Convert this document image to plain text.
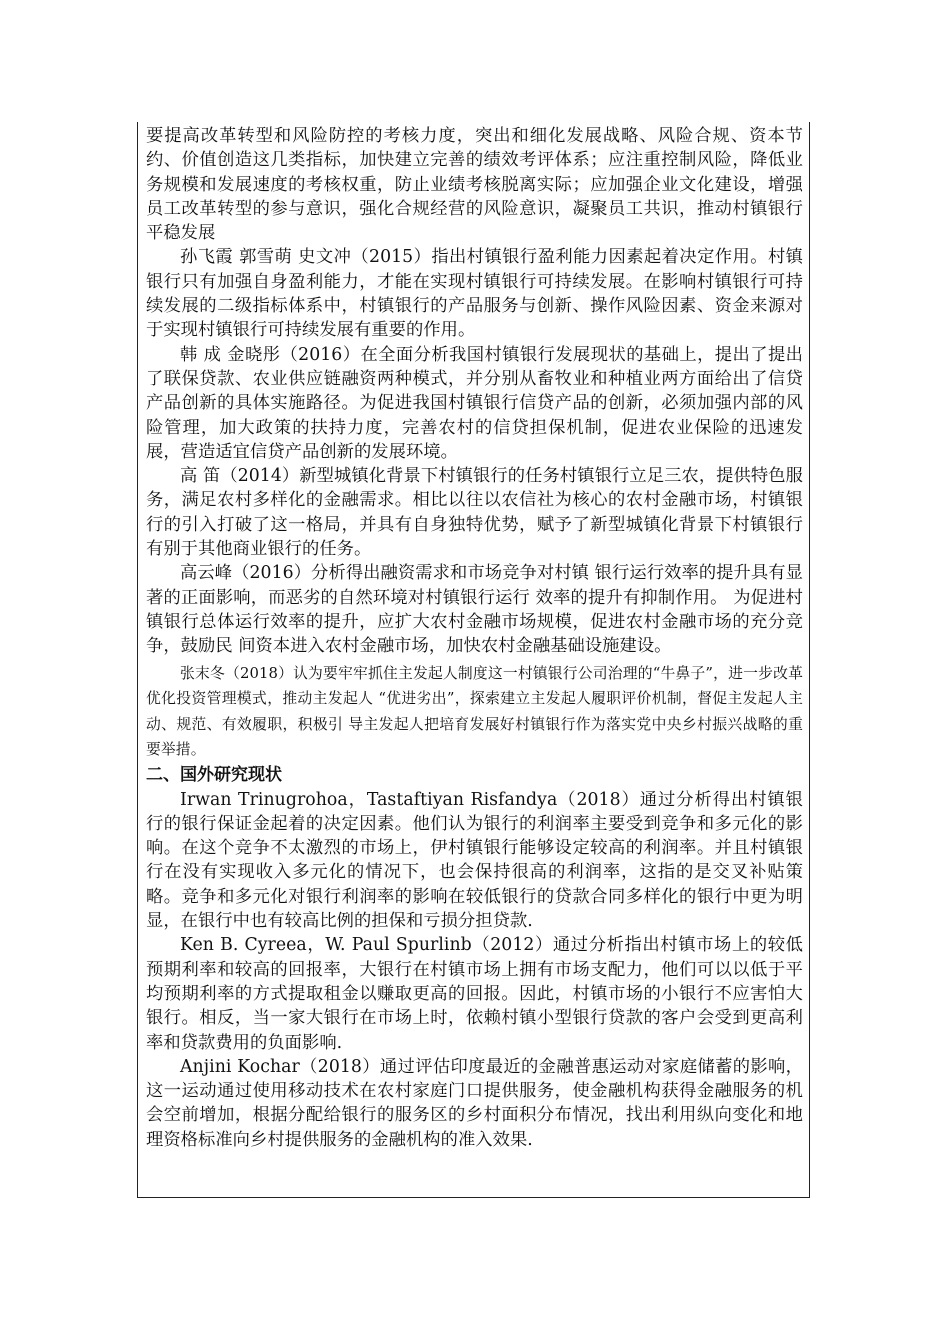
要提高改革转型和风险防控的考核力度，突出和细化发展战略、风险合规、资本节约、价值创造这几类指标，加快建立完善的绩效考评体系；应注重控制风险，降低业务规模和发展速度的考核权重，防止业绩考核脱离实际；应加强企业文化建设，增强员工改革转型的参与意识，强化合规经营的风险意识，凝聚员工共识，推动村镇银行平稳发展

孙飞霞 郭雪萌 史文冲（2015）指出村镇银行盈利能力因素起着决定作用。村镇银行只有加强自身盈利能力，才能在实现村镇银行可持续发展。在影响村镇银行可持续发展的二级指标体系中，村镇银行的产品服务与创新、操作风险因素、资金来源对于实现村镇银行可持续发展有重要的作用。

韩 成 金晓彤（2016）在全面分析我国村镇银行发展现状的基础上，提出了提出了联保贷款、农业供应链融资两种模式，并分别从畜牧业和种植业两方面给出了信贷产品创新的具体实施路径。为促进我国村镇银行信贷产品的创新，必须加强内部的风险管理，加大政策的扶持力度，完善农村的信贷担保机制，促进农业保险的迅速发展，营造适宜信贷产品创新的发展环境。

高 笛（2014）新型城镇化背景下村镇银行的任务村镇银行立足三农，提供特色服务，满足农村多样化的金融需求。相比以往以农信社为核心的农村金融市场，村镇银行的引入打破了这一格局，并具有自身独特优势，赋予了新型城镇化背景下村镇银行有别于其他商业银行的任务。

高云峰（2016）分析得出融资需求和市场竞争对村镇 银行运行效率的提升具有显著的正面影响，而恶劣的自然环境对村镇银行运行 效率的提升有抑制作用。 为促进村镇银行总体运行效率的提升，应扩大农村金融市场规模，促进农村金融市场的充分竞争，鼓励民 间资本进入农村金融市场，加快农村金融基础设施建设。

张末冬（2018）认为要牢牢抓住主发起人制度这一村镇银行公司治理的“牛鼻子”，进一步改革优化投资管理模式，推动主发起人 “优进劣出”，探索建立主发起人履职评价机制，督促主发起人主动、规范、有效履职，积极引 导主发起人把培育发展好村镇银行作为落实党中央乡村振兴战略的重要举措。

二、国外研究现状

Irwan Trinugrohoa，Tastaftiyan Risfandya（2018）通过分析得出村镇银行的银行保证金起着的决定因素。他们认为银行的利润率主要受到竞争和多元化的影响。在这个竞争不太激烈的市场上，伊村镇银行能够设定较高的利润率。并且村镇银行在没有实现收入多元化的情况下，也会保持很高的利润率，这指的是交叉补贴策略。竞争和多元化对银行利润率的影响在较低银行的贷款合同多样化的银行中更为明显，在银行中也有较高比例的担保和亏损分担贷款.

Ken B. Cyreea，W. Paul Spurlinb（2012）通过分析指出村镇市场上的较低预期利率和较高的回报率，大银行在村镇市场上拥有市场支配力，他们可以以低于平均预期利率的方式提取租金以赚取更高的回报。因此，村镇市场的小银行不应害怕大银行。相反，当一家大银行在市场上时，依赖村镇小型银行贷款的客户会受到更高利率和贷款费用的负面影响.

Anjini Kochar（2018）通过评估印度最近的金融普惠运动对家庭储蓄的影响，这一运动通过使用移动技术在农村家庭门口提供服务，使金融机构获得金融服务的机会空前增加，根据分配给银行的服务区的乡村面积分布情况，找出利用纵向变化和地理资格标准向乡村提供服务的金融机构的准入效果.
